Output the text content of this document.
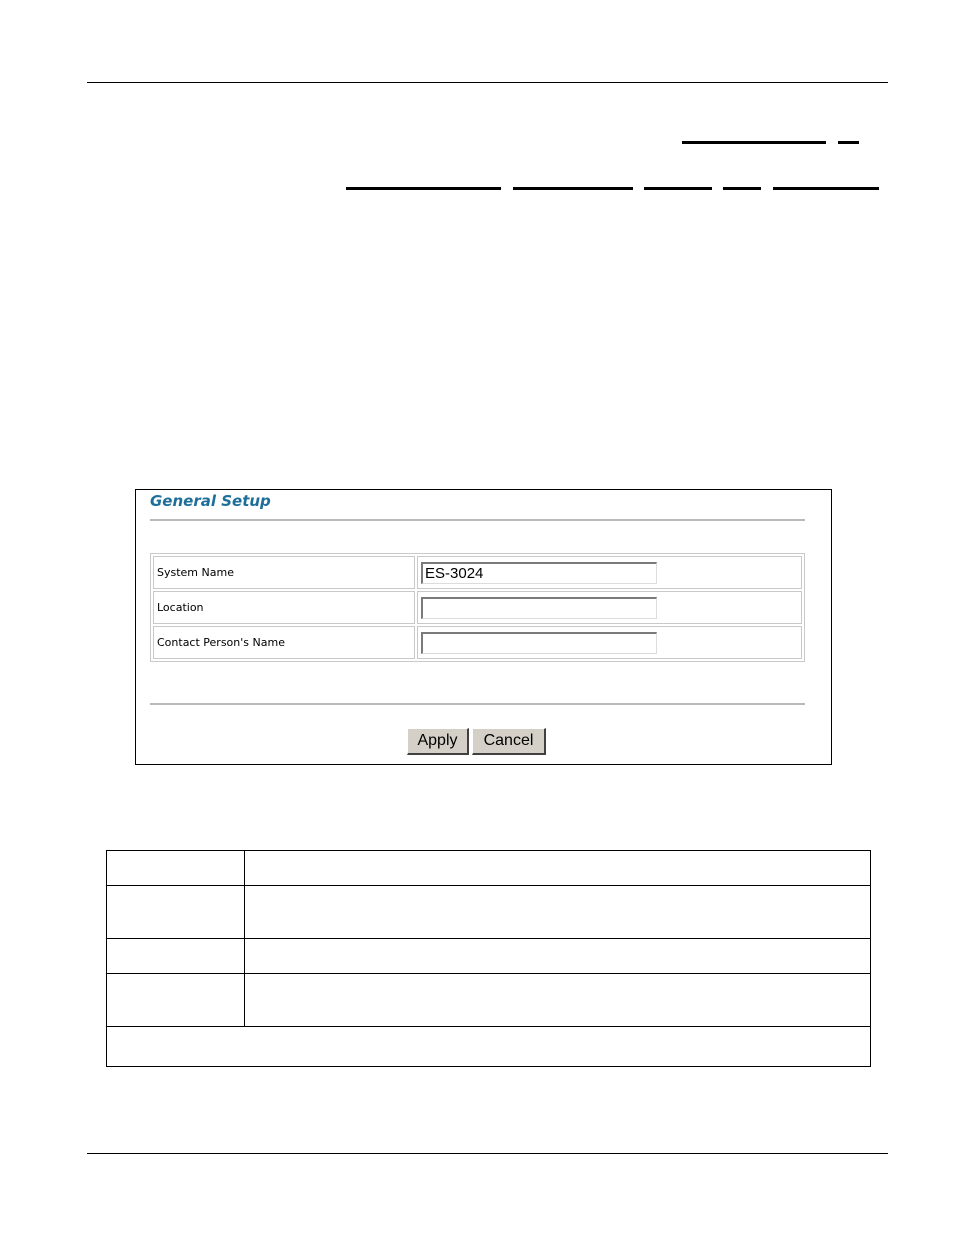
General Setup
System Name
ES-3024
Location
Contact Person's Name
Apply	Cancel
